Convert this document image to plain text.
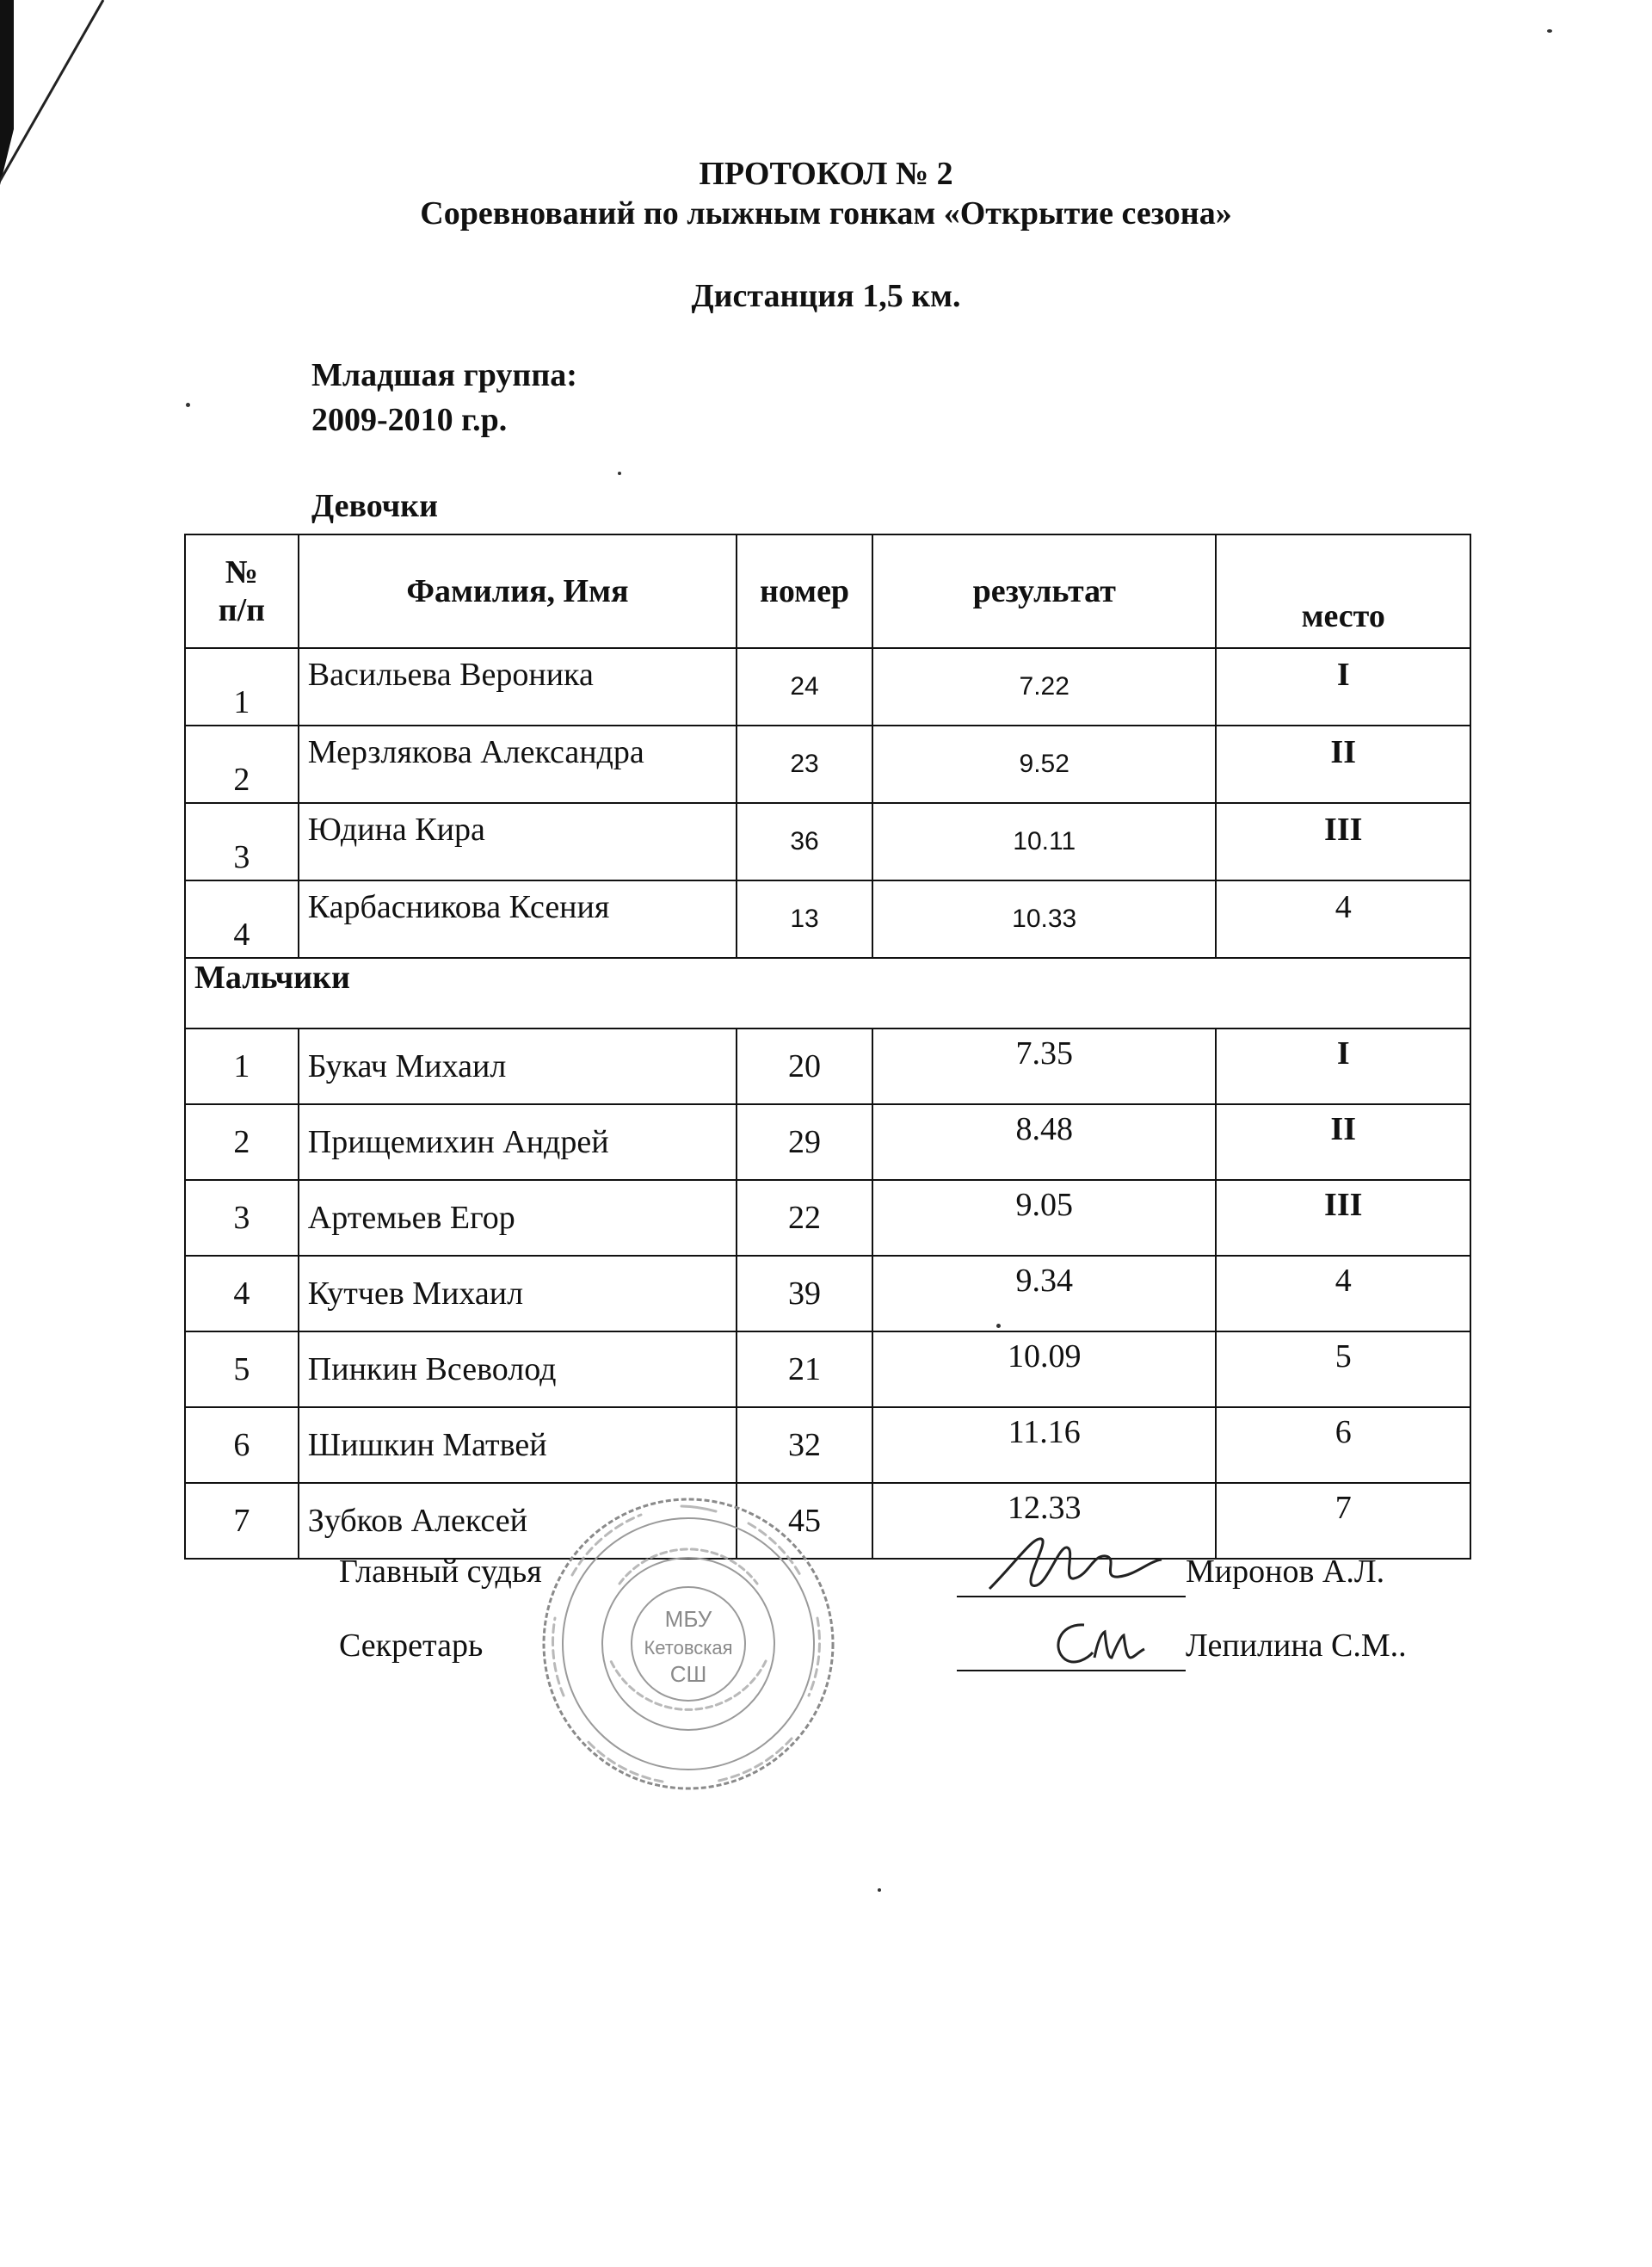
ПРОТОКОЛ № 2
Соревнований по лыжным гонкам «Открытие сезона»
Дистанция 1,5 км.
Младшая группа:
2009-2010 г.р.
Девочки
№
п/п	Фамилия, Имя	номер	результат	место
1	Васильева Вероника	24	7.22	I
2	Мерзлякова Александра	23	9.52	II
3	Юдина Кира	36	10.11	III
4	Карбасникова Ксения	13	10.33	4
Мальчики				
1	Букач Михаил	20	7.35	I
2	Прищемихин Андрей	29	8.48	II
3	Артемьев Егор	22	9.05	III
4	Кутчев Михаил	39	9.34	4
5	Пинкин Всеволод	21	10.09	5
6	Шишкин Матвей	32	11.16	6
7	Зубков Алексей	45	12.33	7
МБУ
Кетовская
СШ
Главный судья	Миронов А.Л.
Секретарь	Лепилина С.М..
